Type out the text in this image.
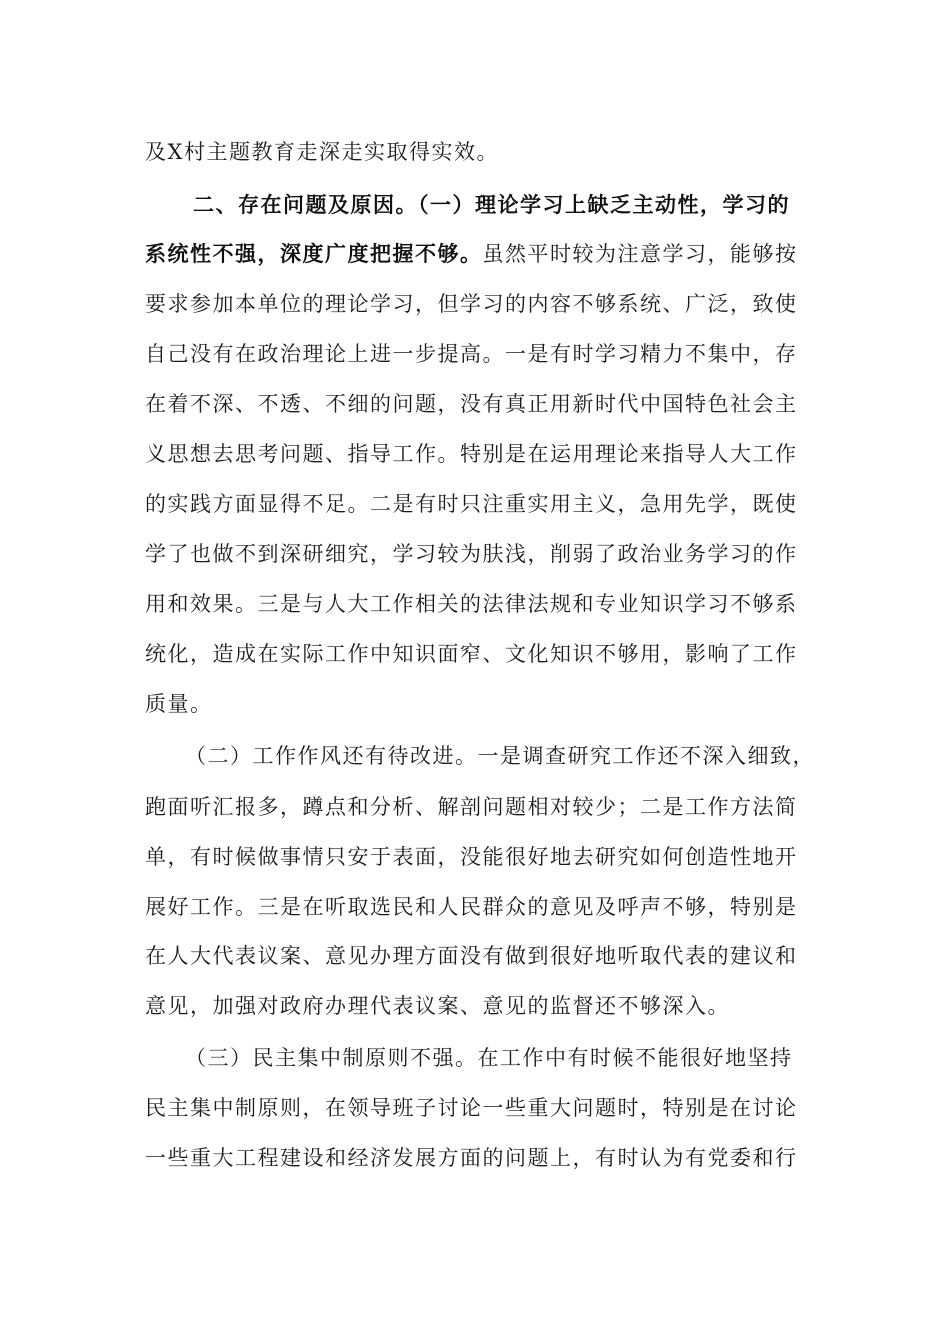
及X村主题教育走深走实取得实效。
二、存在问题及原因。（一）理论学习上缺乏主动性，学习的
系统性不强，深度广度把握不够。虽然平时较为注意学习，能够按
要求参加本单位的理论学习，但学习的内容不够系统、广泛，致使
自己没有在政治理论上进一步提高。一是有时学习精力不集中，存
在着不深、不透、不细的问题，没有真正用新时代中国特色社会主
义思想去思考问题、指导工作。特别是在运用理论来指导人大工作
的实践方面显得不足。二是有时只注重实用主义，急用先学，既使
学了也做不到深研细究，学习较为肤浅，削弱了政治业务学习的作
用和效果。三是与人大工作相关的法律法规和专业知识学习不够系
统化，造成在实际工作中知识面窄、文化知识不够用，影响了工作
质量。
（二）工作作风还有待改进。一是调查研究工作还不深入细致，
跑面听汇报多，蹲点和分析、解剖问题相对较少；二是工作方法简
单，有时候做事情只安于表面，没能很好地去研究如何创造性地开
展好工作。三是在听取选民和人民群众的意见及呼声不够，特别是
在人大代表议案、意见办理方面没有做到很好地听取代表的建议和
意见，加强对政府办理代表议案、意见的监督还不够深入。
（三）民主集中制原则不强。在工作中有时候不能很好地坚持
民主集中制原则，在领导班子讨论一些重大问题时，特别是在讨论
一些重大工程建设和经济发展方面的问题上，有时认为有党委和行
